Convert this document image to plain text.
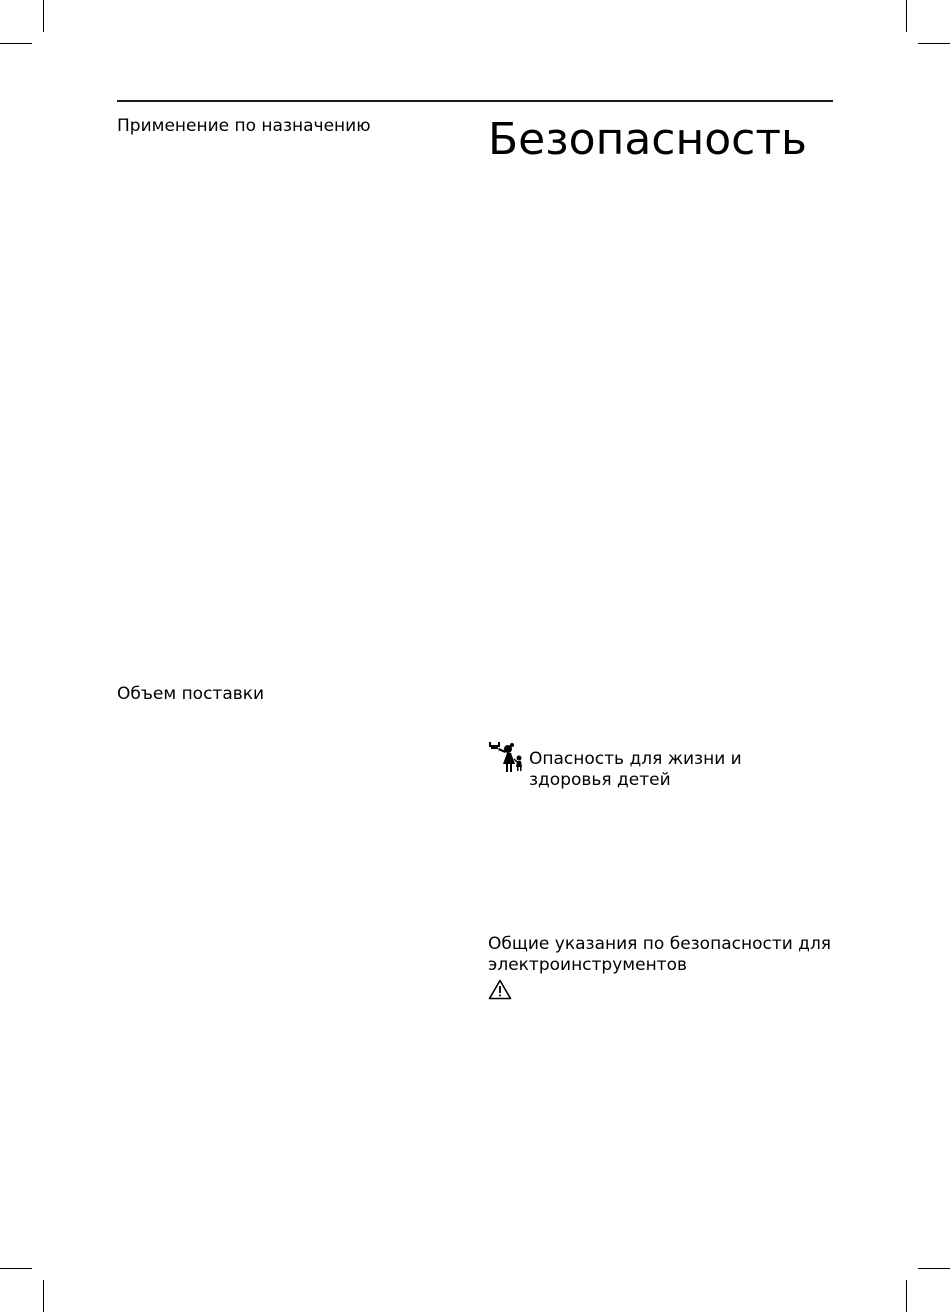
Применение по назначению
Объем поставки
Безопасность

Опасность для жизни и здоровья детей

Общие указания по безопасности для электроинструментов
